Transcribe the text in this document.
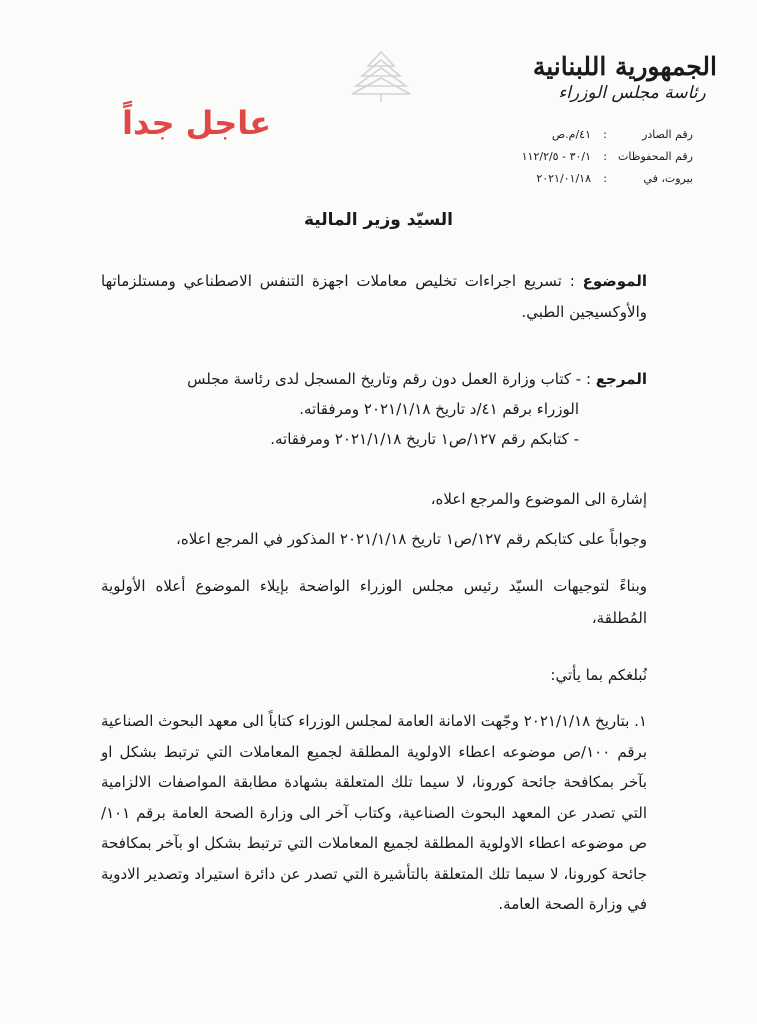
الجمهورية اللبنانية
رئاسة مجلس الوزراء
عاجل جداً	رقم الصادر
:
٤١/م.ص
رقم المحفوظات
:
٣٠/١ - ١١٢/٢/٥
بيروت، في
:
٢٠٢١/٠١/١٨
السيّد وزير المالية
الموضوع : تسريع اجراءات تخليص معاملات اجهزة التنفس الاصطناعي ومستلزماتها والأوكسيجين الطبي.
المرجع : - كتاب وزارة العمل دون رقم وتاريخ المسجل لدى رئاسة مجلس
الوزراء برقم ٤١/د تاريخ ٢٠٢١/١/١٨ ومرفقاته.
- كتابكم رقم ١٢٧/ص١ تاريخ ٢٠٢١/١/١٨ ومرفقاته.
إشارة الى الموضوع والمرجع اعلاه،
وجواباً على كتابكم رقم ١٢٧/ص١ تاريخ ٢٠٢١/١/١٨ المذكور في المرجع اعلاه،
وبناءً لتوجيهات السيّد رئيس مجلس الوزراء الواضحة بإيلاء الموضوع أعلاه الأولوية المُطلقة،
نُبلغكم بما يأتي:
١. بتاريخ ٢٠٢١/١/١٨ وجّهت الامانة العامة لمجلس الوزراء كتاباً الى معهد البحوث الصناعية برقم ١٠٠/ص موضوعه اعطاء الاولوية المطلقة لجميع المعاملات التي ترتبط بشكل او بآخر بمكافحة جائحة كورونا، لا سيما تلك المتعلقة بشهادة مطابقة المواصفات الالزامية التي تصدر عن المعهد البحوث الصناعية، وكتاب آخر الى وزارة الصحة العامة برقم ١٠١/ص موضوعه اعطاء الاولوية المطلقة لجميع المعاملات التي ترتبط بشكل او بآخر بمكافحة جائحة كورونا، لا سيما تلك المتعلقة بالتأشيرة التي تصدر عن دائرة استيراد وتصدير الادوية في وزارة الصحة العامة.
